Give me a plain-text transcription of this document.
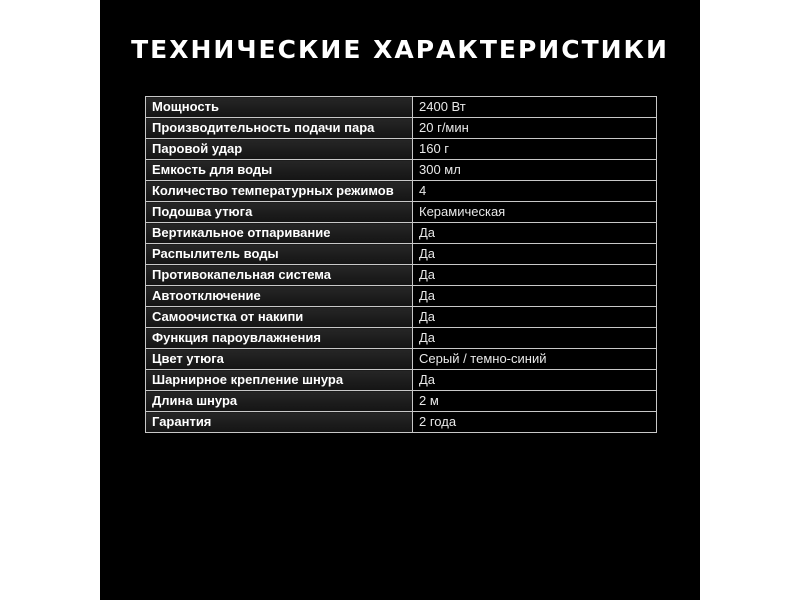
ТЕХНИЧЕСКИЕ ХАРАКТЕРИСТИКИ
Мощность	2400 Вт
Производительность подачи пара	20 г/мин
Паровой удар	160 г
Емкость для воды	300 мл
Количество температурных режимов	4
Подошва утюга	Керамическая
Вертикальное отпаривание	Да
Распылитель воды	Да
Противокапельная система	Да
Автоотключение	Да
Самоочистка от накипи	Да
Функция пароувлажнения	Да
Цвет утюга	Серый / темно-синий
Шарнирное крепление шнура	Да
Длина шнура	2 м
Гарантия	2 года
